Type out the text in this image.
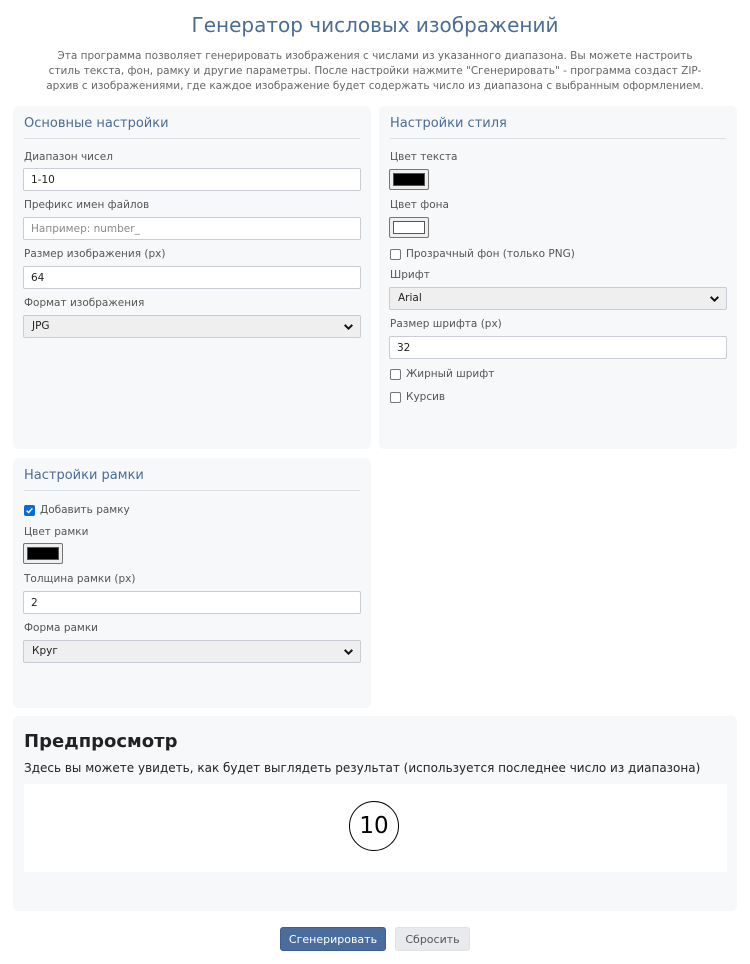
Генератор числовых изображений

Эта программа позволяет генерировать изображения с числами из указанного диапазона. Вы можете настроить стиль текста, фон, рамку и другие параметры. После настройки нажмите "Сгенерировать" - программа создаст ZIP-архив с изображениями, где каждое изображение будет содержать число из диапазона с выбранным оформлением.

Основные настройки
Диапазон чисел
1-10
Префикс имен файлов
Например: number_
Размер изображения (px)
64
Формат изображения
JPG
Настройки стиля
Цвет текста
Цвет фона
Прозрачный фон (только PNG)
Шрифт
Arial
Размер шрифта (px)
32
Жирный шрифт
Курсив
Настройки рамки
Добавить рамку
Цвет рамки
Толщина рамки (px)
2
Форма рамки
Круг
Предпросмотр
Здесь вы можете увидеть, как будет выглядеть результат (используется последнее число из диапазона)
10
Сгенерировать	Сбросить
